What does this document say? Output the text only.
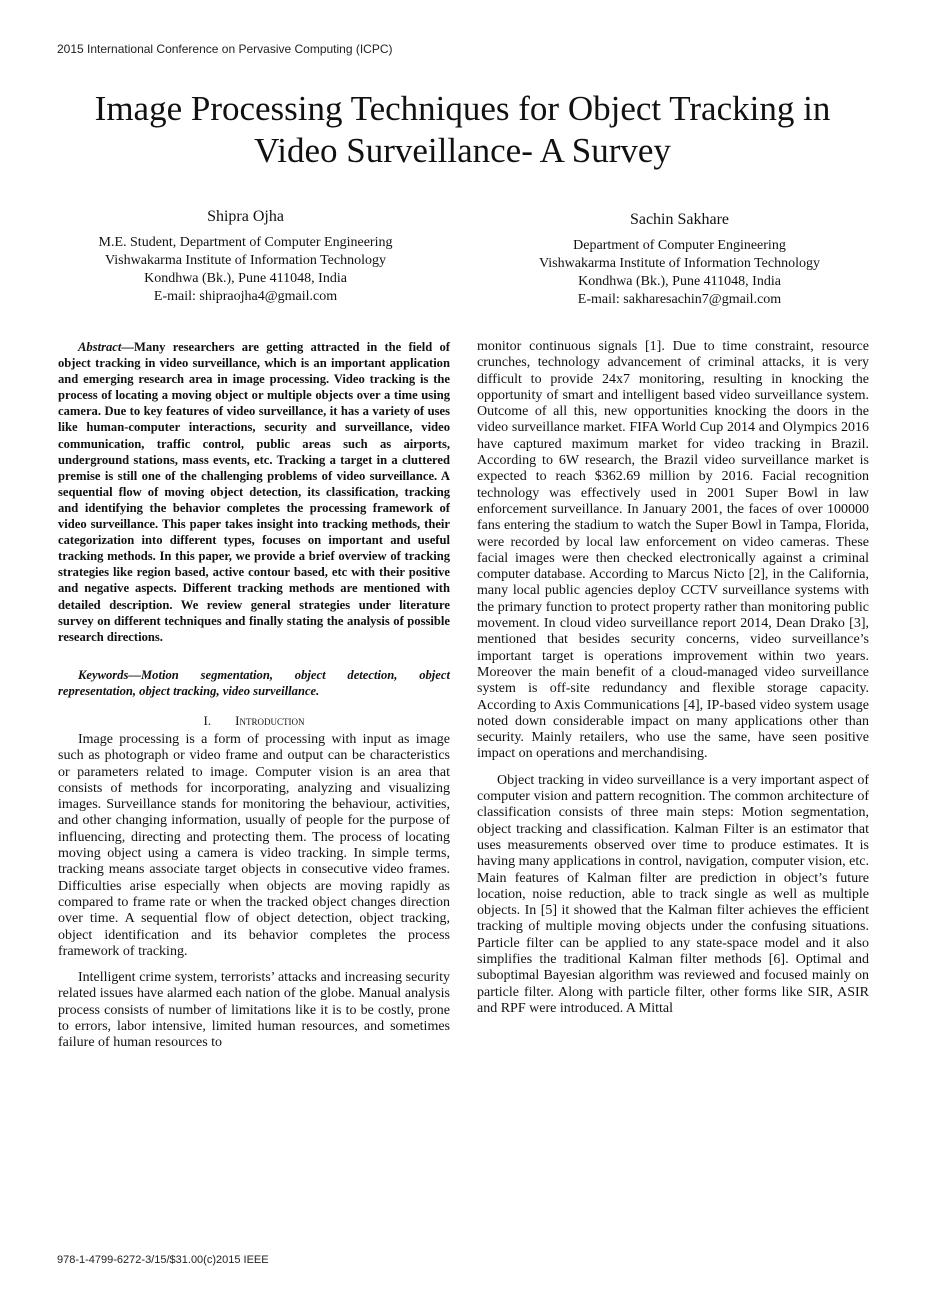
2015 International Conference on Pervasive Computing (ICPC)
Image Processing Techniques for Object Tracking in
Video Surveillance- A Survey
Shipra Ojha
M.E. Student, Department of Computer Engineering
Vishwakarma Institute of Information Technology
Kondhwa (Bk.), Pune 411048, India
E-mail: shipraojha4@gmail.com
Sachin Sakhare
Department of Computer Engineering
Vishwakarma Institute of Information Technology
Kondhwa (Bk.), Pune 411048, India
E-mail: sakharesachin7@gmail.com

Abstract—Many researchers are getting attracted in the field of object tracking in video surveillance, which is an important application and emerging research area in image processing. Video tracking is the process of locating a moving object or multiple objects over a time using camera. Due to key features of video surveillance, it has a variety of uses like human-computer interactions, security and surveillance, video communication, traffic control, public areas such as airports, underground stations, mass events, etc. Tracking a target in a cluttered premise is still one of the challenging problems of video surveillance. A sequential flow of moving object detection, its classification, tracking and identifying the behavior completes the processing framework of video surveillance. This paper takes insight into tracking methods, their categorization into different types, focuses on important and useful tracking methods. In this paper, we provide a brief overview of tracking strategies like region based, active contour based, etc with their positive and negative aspects. Different tracking methods are mentioned with detailed description. We review general strategies under literature survey on different techniques and finally stating the analysis of possible research directions.

Keywords—Motion segmentation, object detection, object representation, object tracking, video surveillance.

I. Introduction

Image processing is a form of processing with input as image such as photograph or video frame and output can be characteristics or parameters related to image. Computer vision is an area that consists of methods for incorporating, analyzing and visualizing images. Surveillance stands for monitoring the behaviour, activities, and other changing information, usually of people for the purpose of influencing, directing and protecting them. The process of locating moving object using a camera is video tracking. In simple terms, tracking means associate target objects in consecutive video frames. Difficulties arise especially when objects are moving rapidly as compared to frame rate or when the tracked object changes direction over time. A sequential flow of object detection, object tracking, object identification and its behavior completes the process framework of tracking.

Intelligent crime system, terrorists’ attacks and increasing security related issues have alarmed each nation of the globe. Manual analysis process consists of number of limitations like it is to be costly, prone to errors, labor intensive, limited human resources, and sometimes failure of human resources to

monitor continuous signals [1]. Due to time constraint, resource crunches, technology advancement of criminal attacks, it is very difficult to provide 24x7 monitoring, resulting in knocking the opportunity of smart and intelligent based video surveillance system. Outcome of all this, new opportunities knocking the doors in the video surveillance market. FIFA World Cup 2014 and Olympics 2016 have captured maximum market for video tracking in Brazil. According to 6W research, the Brazil video surveillance market is expected to reach $362.69 million by 2016. Facial recognition technology was effectively used in 2001 Super Bowl in law enforcement surveillance. In January 2001, the faces of over 100000 fans entering the stadium to watch the Super Bowl in Tampa, Florida, were recorded by local law enforcement on video cameras. These facial images were then checked electronically against a criminal computer database. According to Marcus Nicto [2], in the California, many local public agencies deploy CCTV surveillance systems with the primary function to protect property rather than monitoring public movement. In cloud video surveillance report 2014, Dean Drako [3], mentioned that besides security concerns, video surveillance’s important target is operations improvement within two years. Moreover the main benefit of a cloud-managed video surveillance system is off-site redundancy and flexible storage capacity. According to Axis Communications [4], IP-based video system usage noted down considerable impact on many applications other than security. Mainly retailers, who use the same, have seen positive impact on operations and merchandising.

Object tracking in video surveillance is a very important aspect of computer vision and pattern recognition. The common architecture of classification consists of three main steps: Motion segmentation, object tracking and classification. Kalman Filter is an estimator that uses measurements observed over time to produce estimates. It is having many applications in control, navigation, computer vision, etc. Main features of Kalman filter are prediction in object’s future location, noise reduction, able to track single as well as multiple objects. In [5] it showed that the Kalman filter achieves the efficient tracking of multiple moving objects under the confusing situations. Particle filter can be applied to any state-space model and it also simplifies the traditional Kalman filter methods [6]. Optimal and suboptimal Bayesian algorithm was reviewed and focused mainly on particle filter. Along with particle filter, other forms like SIR, ASIR and RPF were introduced. A Mittal

978-1-4799-6272-3/15/$31.00(c)2015 IEEE
